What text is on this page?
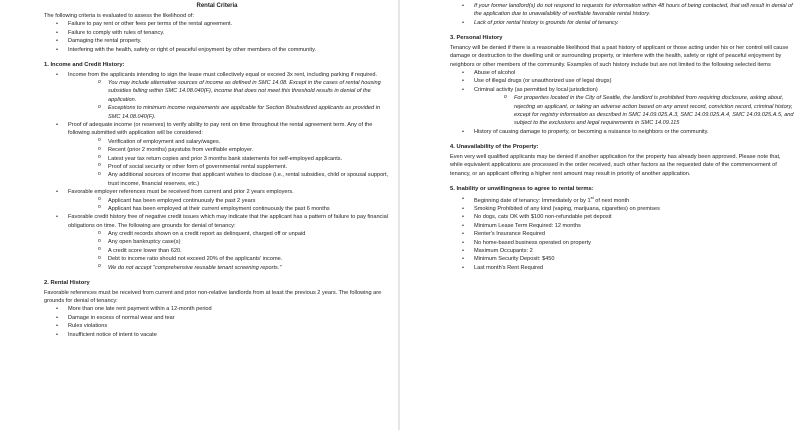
Rental Criteria

The following criteria is evaluated to assess the likelihood of:

• Failure to pay rent or other fees per terms of the rental agreement.
• Failure to comply with rules of tenancy.
• Damaging the rental property.
• Interfering with the health, safety or right of peaceful enjoyment by other members of the community.
1. Income and Credit History:
• Income from the applicants intending to sign the lease must collectively equal or exceed 3x rent, including parking if required.
o You may include alternative sources of income as defined in SMC 14.08. Except in the cases of rental housing subsidies falling within SMC 14.08.040(F), income that does not meet this threshold results in denial of the application.
o Exceptions to minimum income requirements are applicable for Section 8/subsidized applicants as provided in SMC 14.08.040(F).
• Proof of adequate income (or reserves) to verify ability to pay rent on time throughout the rental agreement term. Any of the following submitted with application will be considered:
o Verification of employment and salary/wages.
o Recent (prior 2 months) paystubs from verifiable employer.
o Latest year tax return copies and prior 3 months bank statements for self-employed applicants.
o Proof of social security or other form of governmental rental supplement.
o Any additional sources of income that applicant wishes to disclose (i.e., rental subsidies, child or spousal support, trust income, financial reserves, etc.)
• Favorable employer references must be received from current and prior 2 years employers.
o Applicant has been employed continuously the past 2 years
o Applicant has been employed at their current employment continuously the past 6 months
• Favorable credit history free of negative credit issues which may indicate that the applicant has a pattern of failure to pay financial obligations on time. The following are grounds for denial of tenancy:
o Any credit records shown on a credit report as delinquent, charged off or unpaid
o Any open bankruptcy case(s)
o A credit score lower than 620.
o Debt to income ratio should not exceed 20% of the applicants' income.
o We do not accept "comprehensive reusable tenant screening reports."
2. Rental History

Favorable references must be received from current and prior non-relative landlords from at least the previous 2 years. The following are grounds for denial of tenancy:

• More than one late rent payment within a 12-month period
• Damage in excess of normal wear and tear
• Rules violations
• Insufficient notice of intent to vacate
• If your former landlord(s) do not respond to requests for information within 48 hours of being contacted, that will result in denial of the application due to unavailability of verifiable favorable rental history.
• Lack of prior rental history is grounds for denial of tenancy.
3. Personal History

Tenancy will be denied if there is a reasonable likelihood that a past history of applicant or those acting under his or her control will cause damage or destruction to the dwelling unit or surrounding property, or interfere with the health, safety or right of peaceful enjoyment by neighbors or other members of the community. Examples of such history include but are not limited to the following selected items

• Abuse of alcohol
• Use of illegal drugs (or unauthorized use of legal drugs)
• Criminal activity (as permitted by local jurisdiction)
o For properties located in the City of Seattle, the landlord is prohibited from requiring disclosure, asking about, rejecting an applicant, or taking an adverse action based on any arrest record, conviction record, criminal history, except for registry information as described in SMC 14.09.025.A.3, SMC 14.09.025.A.4, SMC 14.09.025.A.5, and subject to the exclusions and legal requirements in SMC 14.09.115
• History of causing damage to property, or becoming a nuisance to neighbors or the community.
4. Unavailability of the Property:

Even very well qualified applicants may be denied if another application for the property has already been approved. Please note that, while equivalent applications are processed in the order received, such other factors as the requested date of the commencement of tenancy, or an applicant offering a higher rent amount may result in priority of another application.

5. Inability or unwillingness to agree to rental terms:
• Beginning date of tenancy: Immediately or by 1st of next month
• Smoking Prohibited of any kind (vaping, marijuana, cigarettes) on premises
• No dogs, cats OK with $100 non-refundable pet deposit
• Minimum Lease Term Required: 12 months
• Renter's Insurance Required
• No home-based business operated on property
• Maximum Occupants: 2
• Minimum Security Deposit: $450
• Last month's Rent Required
